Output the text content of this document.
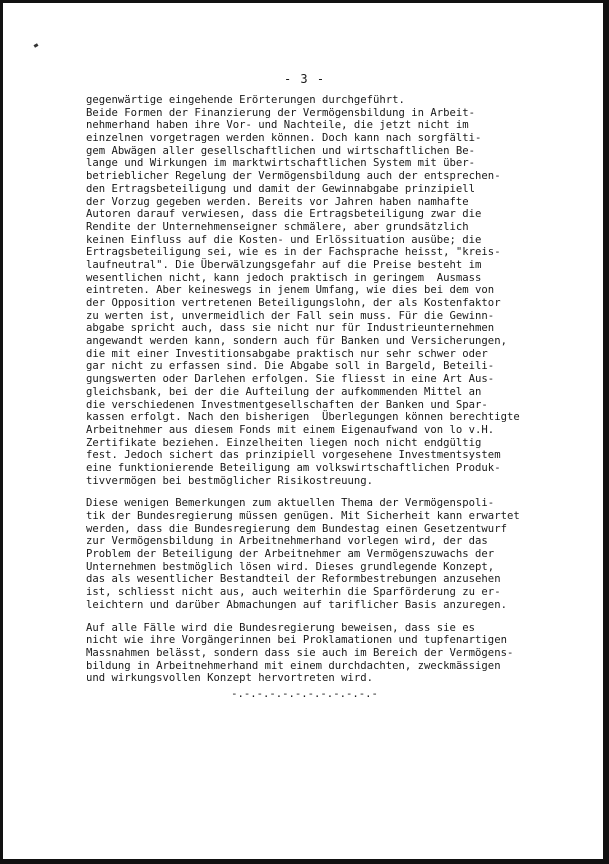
- 3 -
gegenwärtige eingehende Erörterungen durchgeführt.
Beide Formen der Finanzierung der Vermögensbildung in Arbeit-
nehmerhand haben ihre Vor- und Nachteile, die jetzt nicht im
einzelnen vorgetragen werden können. Doch kann nach sorgfälti-
gem Abwägen aller gesellschaftlichen und wirtschaftlichen Be-
lange und Wirkungen im marktwirtschaftlichen System mit über-
betrieblicher Regelung der Vermögensbildung auch der entsprechen-
den Ertragsbeteiligung und damit der Gewinnabgabe prinzipiell
der Vorzug gegeben werden. Bereits vor Jahren haben namhafte
Autoren darauf verwiesen, dass die Ertragsbeteiligung zwar die
Rendite der Unternehmenseigner schmälere, aber grundsätzlich
keinen Einfluss auf die Kosten- und Erlössituation ausübe; die
Ertragsbeteiligung sei, wie es in der Fachsprache heisst, "kreis-
laufneutral". Die Überwälzungsgefahr auf die Preise besteht im
wesentlichen nicht, kann jedoch praktisch in geringem  Ausmass
eintreten. Aber keineswegs in jenem Umfang, wie dies bei dem von
der Opposition vertretenen Beteiligungslohn, der als Kostenfaktor
zu werten ist, unvermeidlich der Fall sein muss. Für die Gewinn-
abgabe spricht auch, dass sie nicht nur für Industrieunternehmen
angewandt werden kann, sondern auch für Banken und Versicherungen,
die mit einer Investitionsabgabe praktisch nur sehr schwer oder
gar nicht zu erfassen sind. Die Abgabe soll in Bargeld, Beteili-
gungswerten oder Darlehen erfolgen. Sie fliesst in eine Art Aus-
gleichsbank, bei der die Aufteilung der aufkommenden Mittel an
die verschiedenen Investmentgesellschaften der Banken und Spar-
kassen erfolgt. Nach den bisherigen  Überlegungen können berechtigte
Arbeitnehmer aus diesem Fonds mit einem Eigenaufwand von lo v.H.
Zertifikate beziehen. Einzelheiten liegen noch nicht endgültig
fest. Jedoch sichert das prinzipiell vorgesehene Investmentsystem
eine funktionierende Beteiligung am volkswirtschaftlichen Produk-
tivvermögen bei bestmöglicher Risikostreuung.
Diese wenigen Bemerkungen zum aktuellen Thema der Vermögenspoli-
tik der Bundesregierung müssen genügen. Mit Sicherheit kann erwartet
werden, dass die Bundesregierung dem Bundestag einen Gesetzentwurf
zur Vermögensbildung in Arbeitnehmerhand vorlegen wird, der das
Problem der Beteiligung der Arbeitnehmer am Vermögenszuwachs der
Unternehmen bestmöglich lösen wird. Dieses grundlegende Konzept,
das als wesentlicher Bestandteil der Reformbestrebungen anzusehen
ist, schliesst nicht aus, auch weiterhin die Sparförderung zu er-
leichtern und darüber Abmachungen auf tariflicher Basis anzuregen.
Auf alle Fälle wird die Bundesregierung beweisen, dass sie es
nicht wie ihre Vorgängerinnen bei Proklamationen und tupfenartigen
Massnahmen belässt, sondern dass sie auch im Bereich der Vermögens-
bildung in Arbeitnehmerhand mit einem durchdachten, zweckmässigen
und wirkungsvollen Konzept hervortreten wird.
-.-.-.-.-.-.-.-.-.-.-.-
